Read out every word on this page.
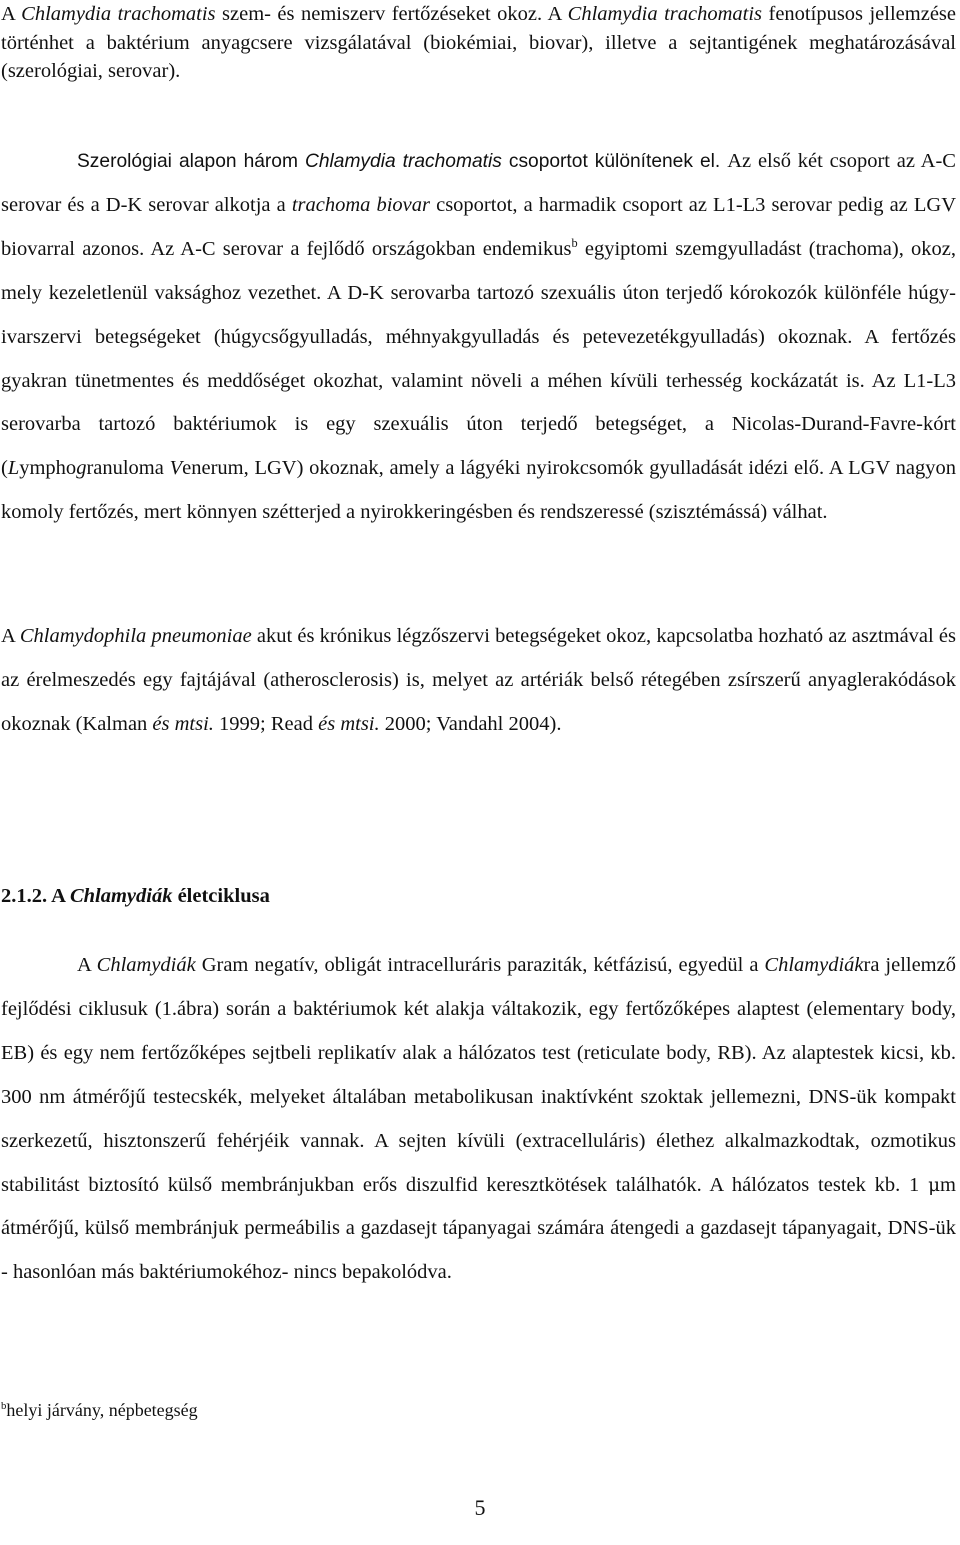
A Chlamydia trachomatis szem- és nemiszerv fertőzéseket okoz. A Chlamydia trachomatis fenotípusos jellemzése történhet a baktérium anyagcsere vizsgálatával (biokémiai, biovar), illetve a sejtantigének meghatározásával (szerológiai, serovar).

Szerológiai alapon három Chlamydia trachomatis csoportot különítenek el. Az első két csoport az A-C serovar és a D-K serovar alkotja a trachoma biovar csoportot, a harmadik csoport az L1-L3 serovar pedig az LGV biovarral azonos. Az A-C serovar a fejlődő országokban endemikus$^b$ egyiptomi szemgyulladást (trachoma), okoz, mely kezeletlenül vaksághoz vezethet. A D-K serovarba tartozó szexuális úton terjedő kórokozók különféle húgy-ivarszervi betegségeket (húgycsőgyulladás, méhnyakgyulladás és petevezetékgyulladás) okoznak. A fertőzés gyakran tünetmentes és meddőséget okozhat, valamint növeli a méhen kívüli terhesség kockázatát is. Az L1-L3 serovarba tartozó baktériumok is egy szexuális úton terjedő betegséget, a Nicolas-Durand-Favre-kórt (Lymphogranuloma Venerum, LGV) okoznak, amely a lágyéki nyirokcsomók gyulladását idézi elő. A LGV nagyon komoly fertőzés, mert könnyen szétterjed a nyirokkeringésben és rendszeressé (szisztémássá) válhat.

A Chlamydophila pneumoniae akut és krónikus légzőszervi betegségeket okoz, kapcsolatba hozható az asztmával és az érelmeszedés egy fajtájával (atherosclerosis) is, melyet az artériák belső rétegében zsírszerű anyaglerakódások okoznak (Kalman és mtsi. 1999; Read és mtsi. 2000; Vandahl 2004).

2.1.2. A Chlamydiák életciklusa

A Chlamydiák Gram negatív, obligát intracelluráris paraziták, kétfázisú, egyedül a Chlamydiákra jellemző fejlődési ciklusuk (1.ábra) során a baktériumok két alakja váltakozik, egy fertőzőképes alaptest (elementary body, EB) és egy nem fertőzőképes sejtbeli replikatív alak a hálózatos test (reticulate body, RB). Az alaptestek kicsi, kb. 300 nm átmérőjű testecskék, melyeket általában metabolikusan inaktívként szoktak jellemezni, DNS-ük kompakt szerkezetű, hisztonszerű fehérjéik vannak. A sejten kívüli (extracelluláris) élethez alkalmazkodtak, ozmotikus stabilitást biztosító külső membránjukban erős diszulfid keresztkötések találhatók. A hálózatos testek kb. 1 μm átmérőjű, külső membránjuk permeábilis a gazdasejt tápanyagai számára átengedi a gazdasejt tápanyagait, DNS-ük - hasonlóan más baktériumokéhoz- nincs bepakolódva.

$^b$helyi járvány, népbetegség

5
